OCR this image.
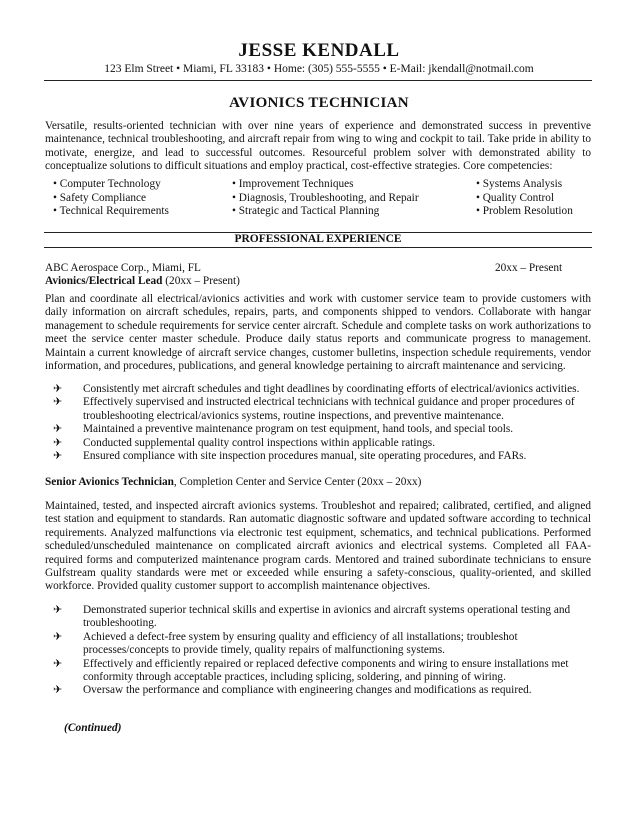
JESSE KENDALL
123 Elm Street • Miami, FL 33183 • Home: (305) 555-5555 • E-Mail: jkendall@notmail.com
AVIONICS TECHNICIAN
Versatile, results-oriented technician with over nine years of experience and demonstrated success in preventive maintenance, technical troubleshooting, and aircraft repair from wing to wing and cockpit to tail. Take pride in ability to motivate, energize, and lead to successful outcomes. Resourceful problem solver with demonstrated ability to conceptualize solutions to difficult situations and employ practical, cost-effective strategies. Core competencies:
• Computer Technology
• Safety Compliance
• Technical Requirements
• Improvement Techniques
• Diagnosis, Troubleshooting, and Repair
• Strategic and Tactical Planning
• Systems Analysis
• Quality Control
• Problem Resolution
PROFESSIONAL EXPERIENCE
ABC Aerospace Corp., Miami, FL	20xx – Present
Avionics/Electrical Lead (20xx – Present)
Plan and coordinate all electrical/avionics activities and work with customer service team to provide customers with daily information on aircraft schedules, repairs, parts, and components shipped to vendors. Collaborate with hangar management to schedule requirements for service center aircraft. Schedule and complete tasks on work authorizations to meet the service center master schedule. Produce daily status reports and communicate progress to management. Maintain a current knowledge of aircraft service changes, customer bulletins, inspection schedule requirements, vendor information, and procedures, publications, and general knowledge pertaining to aircraft maintenance and servicing.
✈	Consistently met aircraft schedules and tight deadlines by coordinating efforts of electrical/avionics activities.
✈	Effectively supervised and instructed electrical technicians with technical guidance and proper procedures of troubleshooting electrical/avionics systems, routine inspections, and preventive maintenance.
✈	Maintained a preventive maintenance program on test equipment, hand tools, and special tools.
✈	Conducted supplemental quality control inspections within applicable ratings.
✈	Ensured compliance with site inspection procedures manual, site operating procedures, and FARs.
Senior Avionics Technician, Completion Center and Service Center (20xx – 20xx)
Maintained, tested, and inspected aircraft avionics systems. Troubleshot and repaired; calibrated, certified, and aligned test station and equipment to standards. Ran automatic diagnostic software and updated software according to technical requirements. Analyzed malfunctions via electronic test equipment, schematics, and technical publications. Performed scheduled/unscheduled maintenance on complicated aircraft avionics and electrical systems. Completed all FAA-required forms and computerized maintenance program cards. Mentored and trained subordinate technicians to ensure Gulfstream quality standards were met or exceeded while ensuring a safety-conscious, quality-oriented, and skilled workforce. Provided quality customer support to accomplish maintenance objectives.
✈	Demonstrated superior technical skills and expertise in avionics and aircraft systems operational testing and troubleshooting.
✈	Achieved a defect-free system by ensuring quality and efficiency of all installations; troubleshot processes/concepts to provide timely, quality repairs of malfunctioning systems.
✈	Effectively and efficiently repaired or replaced defective components and wiring to ensure installations met conformity through acceptable practices, including splicing, soldering, and pinning of wiring.
✈	Oversaw the performance and compliance with engineering changes and modifications as required.
(Continued)
